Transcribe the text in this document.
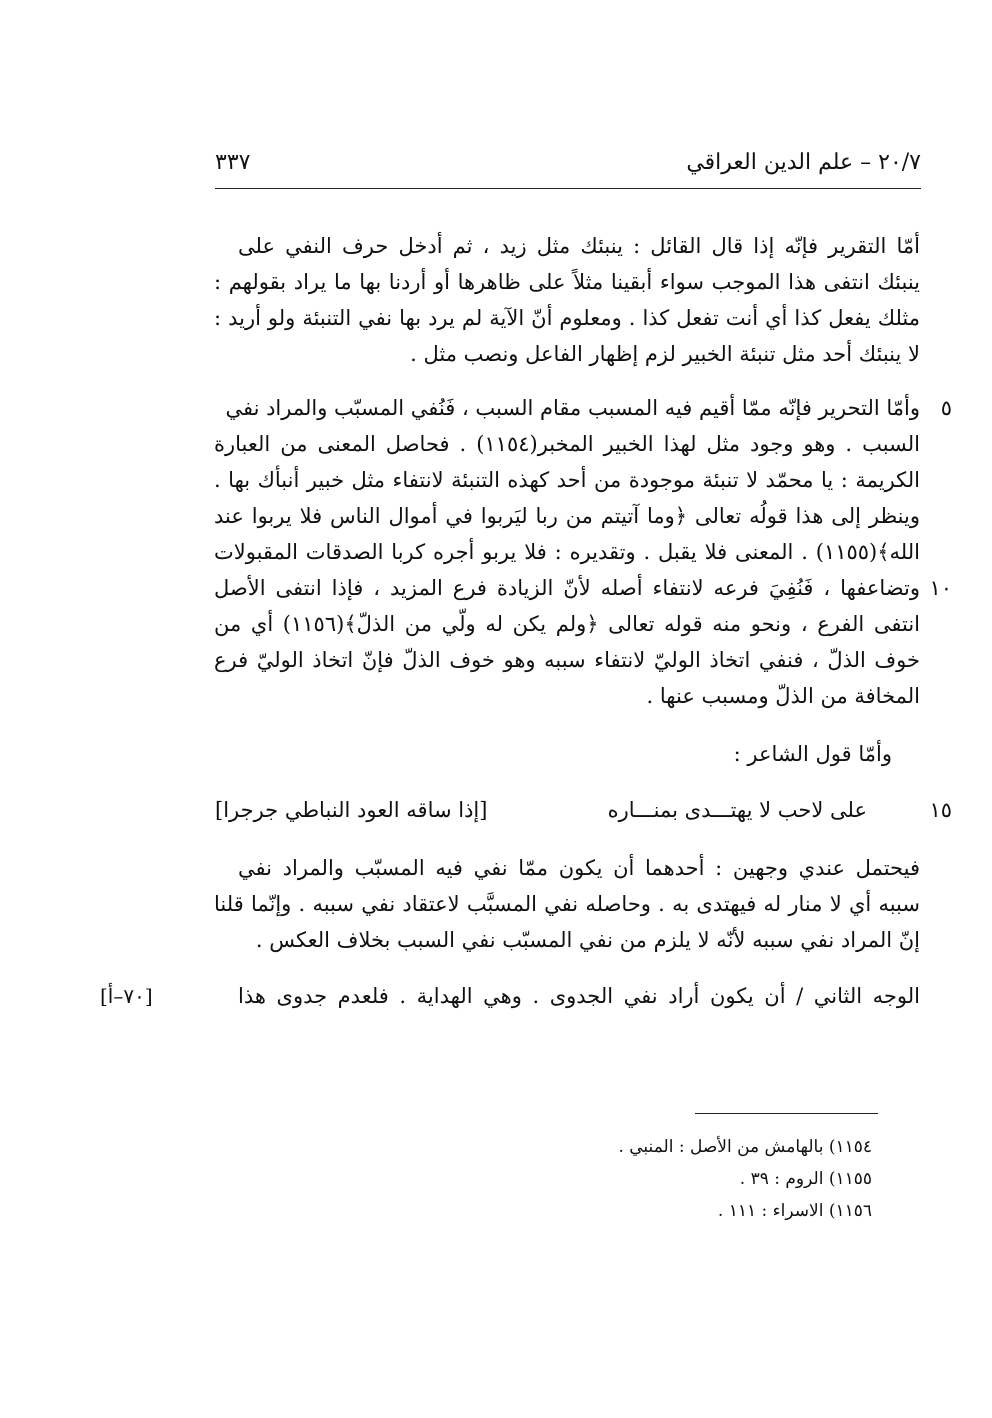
٢٠/٧ – علم الدين العراقي
٣٣٧
أمّا التقرير فإنّه إذا قال القائل : ينبئك مثل زيد ، ثم أدخل حرف النفي على
ينبئك انتفى هذا الموجب سواء أبقينا مثلاً على ظاهرها أو أردنا بها ما يراد بقولهم :
مثلك يفعل كذا أي أنت تفعل كذا . ومعلوم أنّ الآية لم يرد بها نفي التنبئة ولو أريد :
لا ينبئك أحد مثل تنبئة الخبير لزم إظهار الفاعل ونصب مثل .
٥
وأمّا التحرير فإنّه ممّا أقيم فيه المسبب مقام السبب ، فَنُفي المسبّب والمراد نفي
السبب . وهو وجود مثل لهذا الخبير المخبر(١١٥٤) . فحاصل المعنى من العبارة
الكريمة : يا محمّد لا تنبئة موجودة من أحد كهذه التنبئة لانتفاء مثل خبير أنبأك بها .
وينظر إلى هذا قولُه تعالى ﴿وما آتيتم من ربا ليَربوا في أموال الناس فلا يربوا عند
الله﴾(١١٥٥) . المعنى فلا يقبل . وتقديره : فلا يربو أجره كربا الصدقات المقبولات
١٠
وتضاعفها ، فَنُفِيَ فرعه لانتفاء أصله لأنّ الزيادة فرع المزيد ، فإذا انتفى الأصل
انتفى الفرع ، ونحو منه قوله تعالى ﴿ولم يكن له ولّي من الذلّ﴾(١١٥٦) أي من
خوف الذلّ ، فنفي اتخاذ الوليّ لانتفاء سببه وهو خوف الذلّ فإنّ اتخاذ الوليّ فرع
المخافة من الذلّ ومسبب عنها .
وأمّا قول الشاعر :
١٥
على لاحب لا يهتـــدى بمنـــاره
[إذا ساقه العود النباطي جرجرا]
فيحتمل عندي وجهين : أحدهما أن يكون ممّا نفي فيه المسبّب والمراد نفي
سببه أي لا منار له فيهتدى به . وحاصله نفي المسبَّب لاعتقاد نفي سببه . وإنّما قلنا
إنّ المراد نفي سببه لأنّه لا يلزم من نفي المسبّب نفي السبب بخلاف العكس .
[٧٠–أ]	الوجه الثاني / أن يكون أراد نفي الجدوى . وهي الهداية . فلعدم جدوى هذا
١١٥٤) بالهامش من الأصل : المنبي .
١١٥٥) الروم : ٣٩ .
١١٥٦) الاسراء : ١١١ .
